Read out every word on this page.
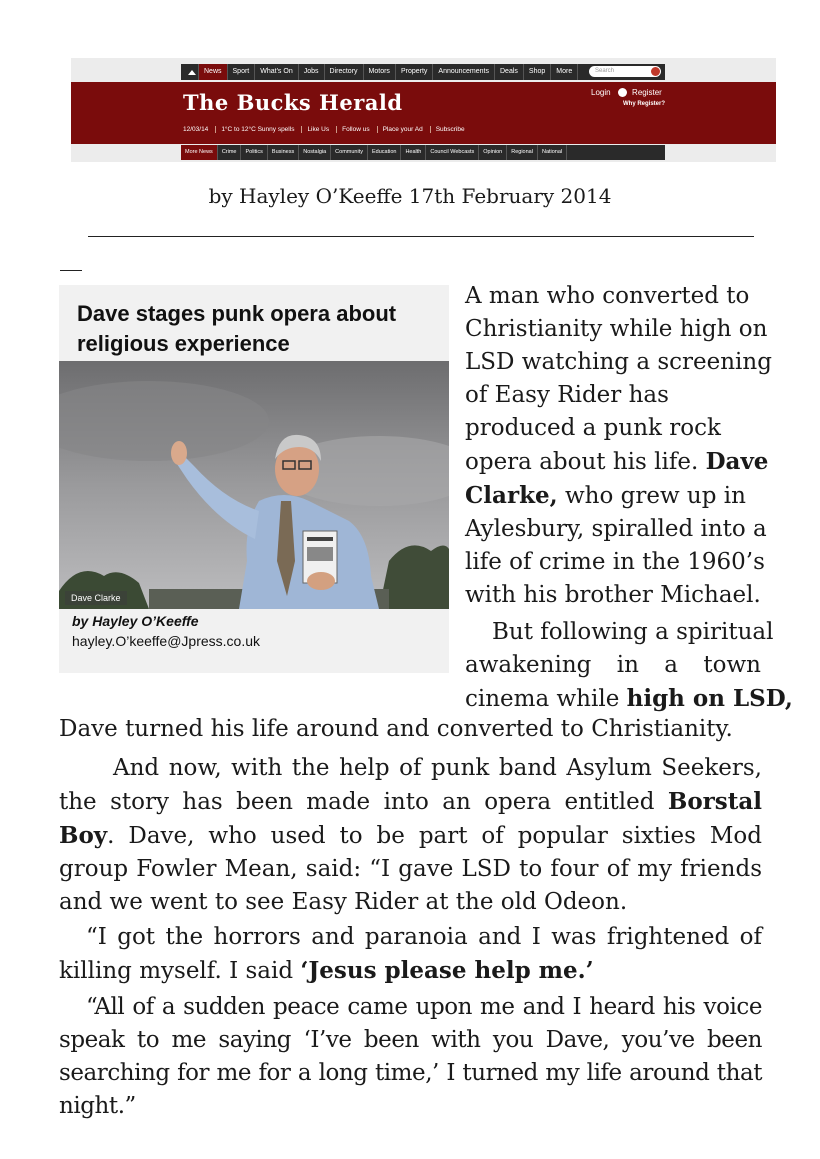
News	Sport	What's On	Jobs	Directory	Motors	Property	Announcements	Deals	Shop	More	Search
The Bucks Herald	Login	Register
Why Register?
12/03/14	1°C to 12°C Sunny spells	Like Us	Follow us	Place your Ad	Subscribe
More News	Crime	Politics	Business	Nostalgia	Community	Education	Health	Council Webcasts	Opinion	Regional	National
by Hayley O’Keeffe 17th February 2014
Dave stages punk opera about religious experience
Dave Clarke
by Hayley O’Keeffe
hayley.O’keeffe@Jpress.co.uk
A man who converted to
Christianity while high on
LSD watching a screening
of Easy Rider has
produced a punk rock
opera about his life. Dave
Clarke, who grew up in
Aylesbury, spiralled into a
life of crime in the 1960’s
with his brother Michael.
But following a spiritual
awakening in a town
cinema while high on LSD,
Dave turned his life around and converted to Christianity.
And now, with the help of punk band Asylum Seekers, the story has been made into an opera entitled Borstal Boy. Dave, who used to be part of popular sixties Mod group Fowler Mean, said: “I gave LSD to four of my friends and we went to see Easy Rider at the old Odeon.
“I got the horrors and paranoia and I was frightened of killing myself. I said ‘Jesus please help me.’
“All of a sudden peace came upon me and I heard his voice speak to me saying ‘I’ve been with you Dave, you’ve been searching for me for a long time,’ I turned my life around that night.”
